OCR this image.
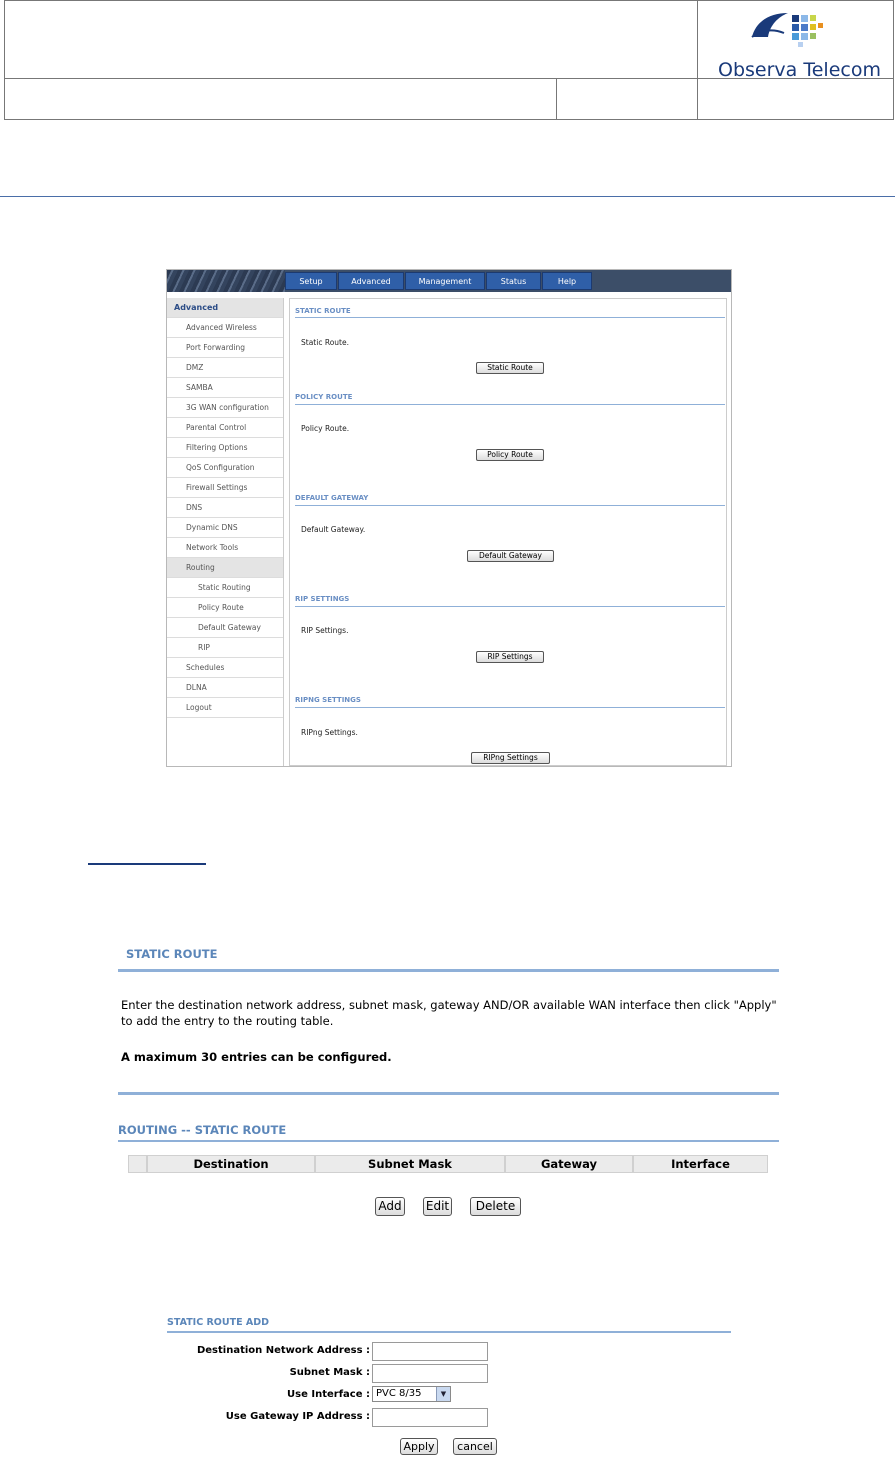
Observa Telecom
Setup	Advanced	Management	Status	Help
Advanced
Advanced Wireless
Port Forwarding
DMZ
SAMBA
3G WAN configuration
Parental Control
Filtering Options
QoS Configuration
Firewall Settings
DNS
Dynamic DNS
Network Tools
Routing
Static Routing
Policy Route
Default Gateway
RIP
Schedules
DLNA
Logout
STATIC ROUTE
Static Route.
Static Route
POLICY ROUTE
Policy Route.
Policy Route
DEFAULT GATEWAY
Default Gateway.
Default Gateway
RIP SETTINGS
RIP Settings.
RIP Settings
RIPNG SETTINGS
RIPng Settings.
RIPng Settings
STATIC ROUTE
Enter the destination network address, subnet mask, gateway AND/OR available WAN interface then click "Apply" to add the entry to the routing table.
A maximum 30 entries can be configured.
ROUTING -- STATIC ROUTE
Destination	Subnet Mask	Gateway	Interface
Add Edit	Delete
STATIC ROUTE ADD
Destination Network Address :
Subnet Mask :
Use Interface : PVC 8/35	▼
Use Gateway IP Address :
Apply	cancel
